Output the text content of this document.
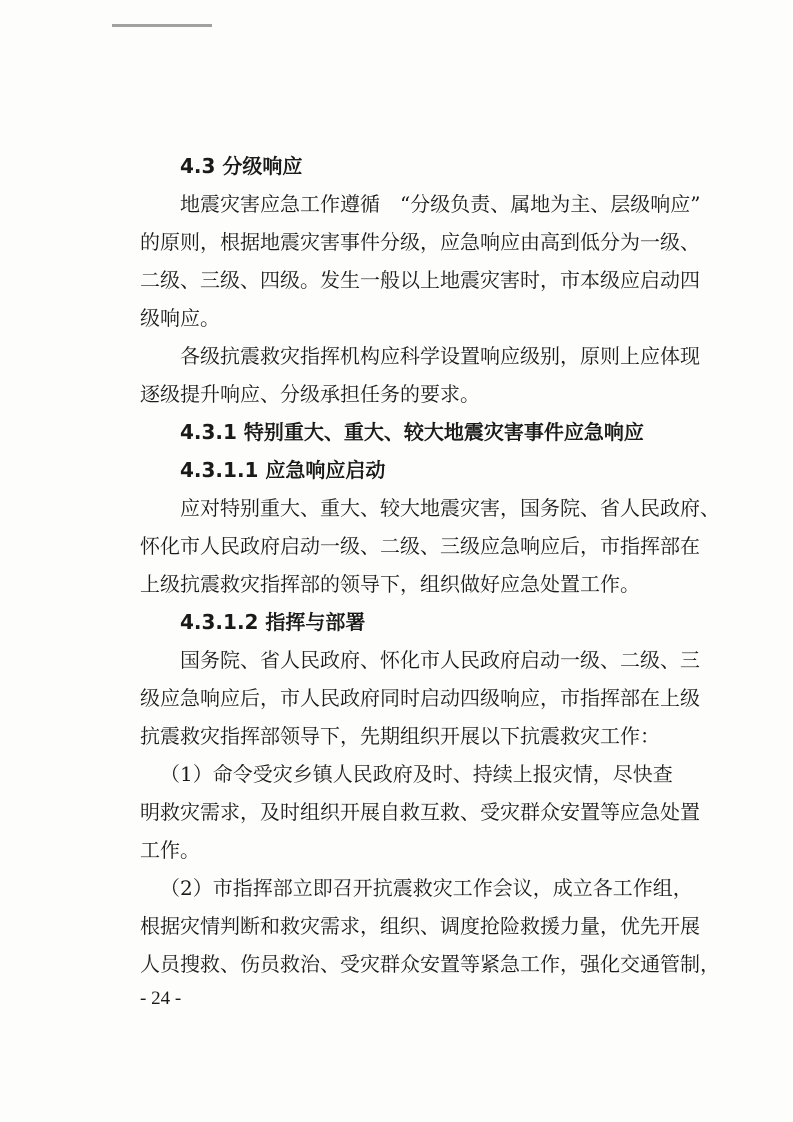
4.3 分级响应
地震灾害应急工作遵循　“分级负责、属地为主、层级响应”
的原则，根据地震灾害事件分级，应急响应由高到低分为一级、
二级、三级、四级。发生一般以上地震灾害时，市本级应启动四
级响应。
各级抗震救灾指挥机构应科学设置响应级别，原则上应体现
逐级提升响应、分级承担任务的要求。
4.3.1 特别重大、重大、较大地震灾害事件应急响应
4.3.1.1 应急响应启动
应对特别重大、重大、较大地震灾害，国务院、省人民政府、
怀化市人民政府启动一级、二级、三级应急响应后，市指挥部在
上级抗震救灾指挥部的领导下，组织做好应急处置工作。
4.3.1.2 指挥与部署
国务院、省人民政府、怀化市人民政府启动一级、二级、三
级应急响应后，市人民政府同时启动四级响应，市指挥部在上级
抗震救灾指挥部领导下，先期组织开展以下抗震救灾工作：
（1）命令受灾乡镇人民政府及时、持续上报灾情，尽快查
明救灾需求，及时组织开展自救互救、受灾群众安置等应急处置
工作。
（2）市指挥部立即召开抗震救灾工作会议，成立各工作组，
根据灾情判断和救灾需求，组织、调度抢险救援力量，优先开展
人员搜救、伤员救治、受灾群众安置等紧急工作，强化交通管制，
- 24 -
